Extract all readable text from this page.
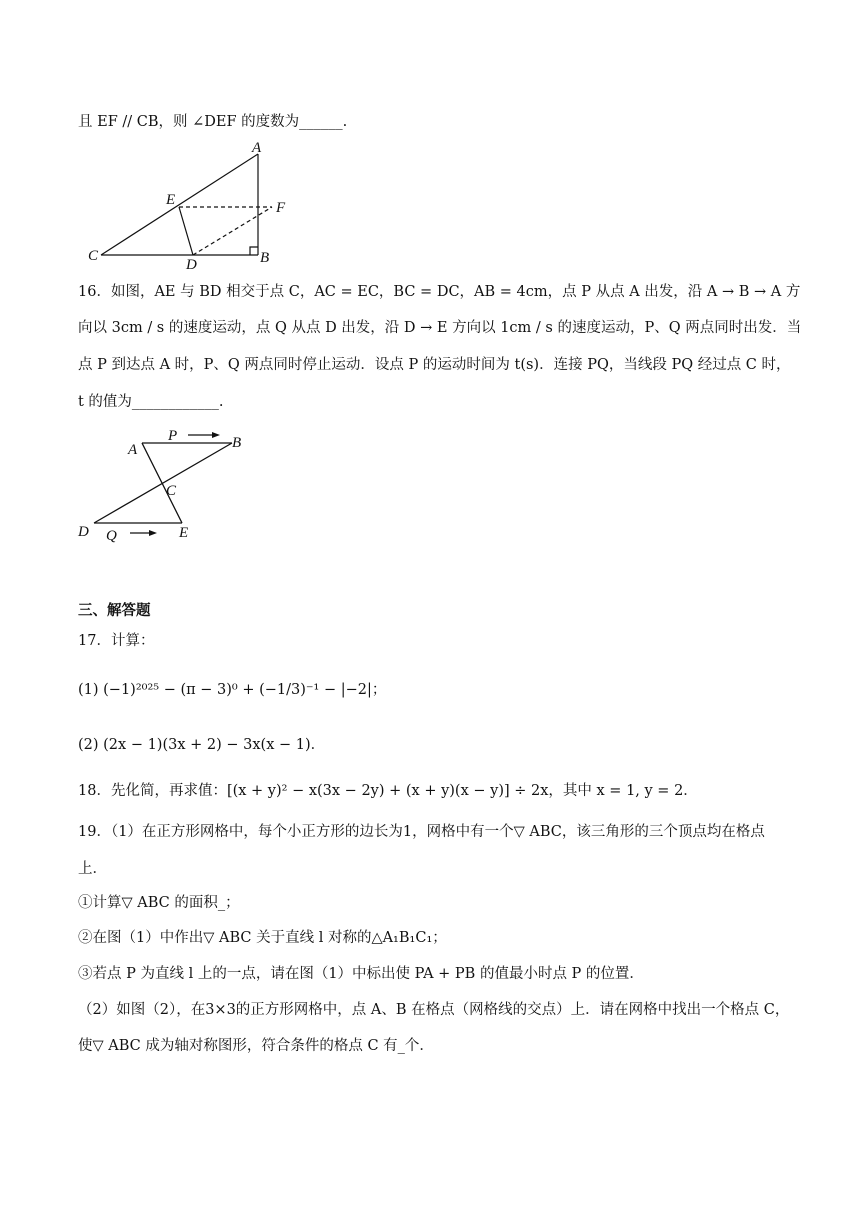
且 EF // CB，则 ∠DEF 的度数为______.
A
B
C
D
E	F
16．如图，AE 与 BD 相交于点 C，AC = EC，BC = DC，AB = 4cm，点 P 从点 A 出发，沿 A → B → A 方
向以 3cm / s 的速度运动，点 Q 从点 D 出发，沿 D → E 方向以 1cm / s 的速度运动，P、Q 两点同时出发．当
点 P 到达点 A 时，P、Q 两点同时停止运动．设点 P 的运动时间为 t(s)．连接 PQ，当线段 PQ 经过点 C 时，
t 的值为____________.
A	B
C
D	E
P
Q
三、解答题
17．计算：
(1) (−1)²⁰²⁵ − (π − 3)⁰ + (−1/3)⁻¹ − |−2|；
(2) (2x − 1)(3x + 2) − 3x(x − 1)．
18．先化简，再求值：[(x + y)² − x(3x − 2y) + (x + y)(x − y)] ÷ 2x，其中 x = 1, y = 2．
19．（1）在正方形网格中，每个小正方形的边长为1，网格中有一个▽ ABC，该三角形的三个顶点均在格点
上．
①计算▽ ABC 的面积_；
②在图（1）中作出▽ ABC 关于直线 l 对称的△A₁B₁C₁；
③若点 P 为直线 l 上的一点，请在图（1）中标出使 PA + PB 的值最小时点 P 的位置．
（2）如图（2），在3×3的正方形网格中，点 A、B 在格点（网格线的交点）上．请在网格中找出一个格点 C，
使▽ ABC 成为轴对称图形，符合条件的格点 C 有_个．
